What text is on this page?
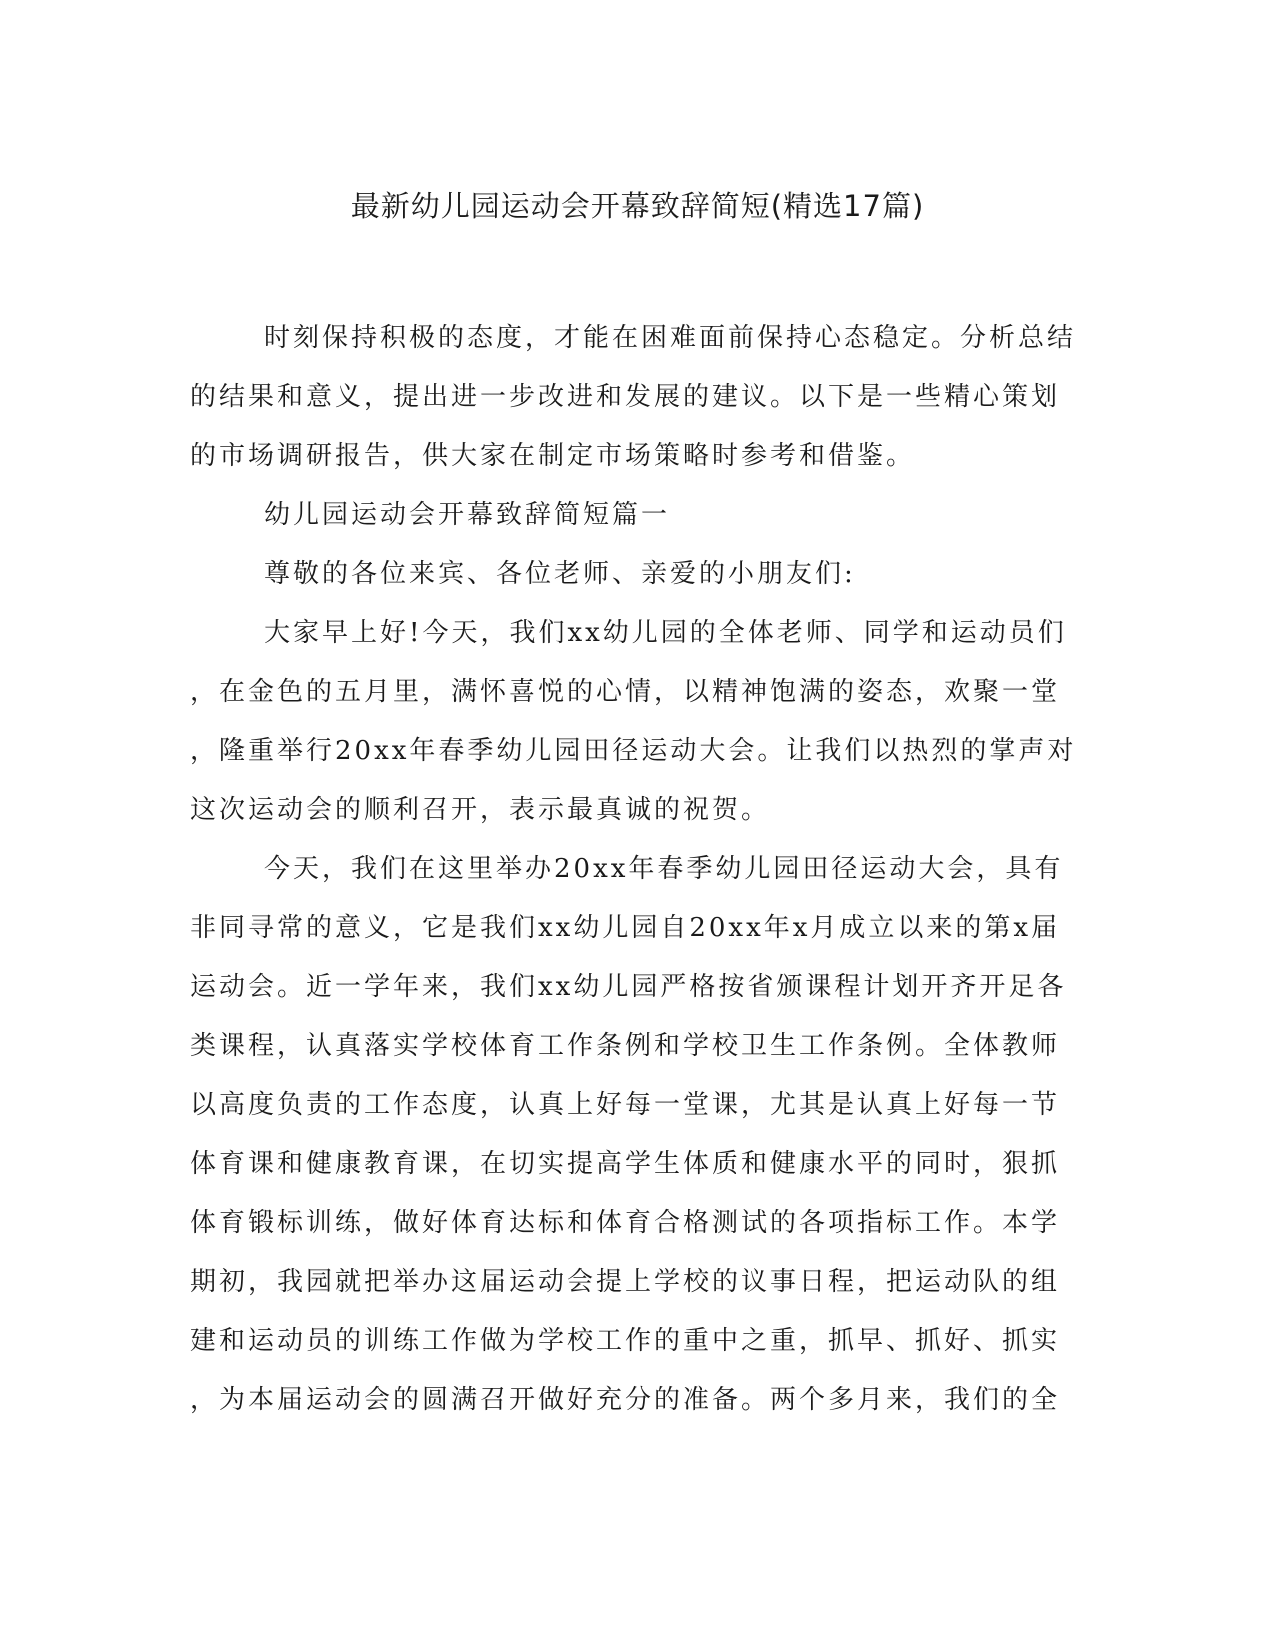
最新幼儿园运动会开幕致辞简短(精选17篇)
时刻保持积极的态度，才能在困难面前保持心态稳定。分析总结
的结果和意义，提出进一步改进和发展的建议。以下是一些精心策划
的市场调研报告，供大家在制定市场策略时参考和借鉴。
幼儿园运动会开幕致辞简短篇一
尊敬的各位来宾、各位老师、亲爱的小朋友们:
大家早上好!今天，我们xx幼儿园的全体老师、同学和运动员们
，在金色的五月里，满怀喜悦的心情，以精神饱满的姿态，欢聚一堂
，隆重举行20xx年春季幼儿园田径运动大会。让我们以热烈的掌声对
这次运动会的顺利召开，表示最真诚的祝贺。
今天，我们在这里举办20xx年春季幼儿园田径运动大会，具有
非同寻常的意义，它是我们xx幼儿园自20xx年x月成立以来的第x届
运动会。近一学年来，我们xx幼儿园严格按省颁课程计划开齐开足各
类课程，认真落实学校体育工作条例和学校卫生工作条例。全体教师
以高度负责的工作态度，认真上好每一堂课，尤其是认真上好每一节
体育课和健康教育课，在切实提高学生体质和健康水平的同时，狠抓
体育锻标训练，做好体育达标和体育合格测试的各项指标工作。本学
期初，我园就把举办这届运动会提上学校的议事日程，把运动队的组
建和运动员的训练工作做为学校工作的重中之重，抓早、抓好、抓实
，为本届运动会的圆满召开做好充分的准备。两个多月来，我们的全
